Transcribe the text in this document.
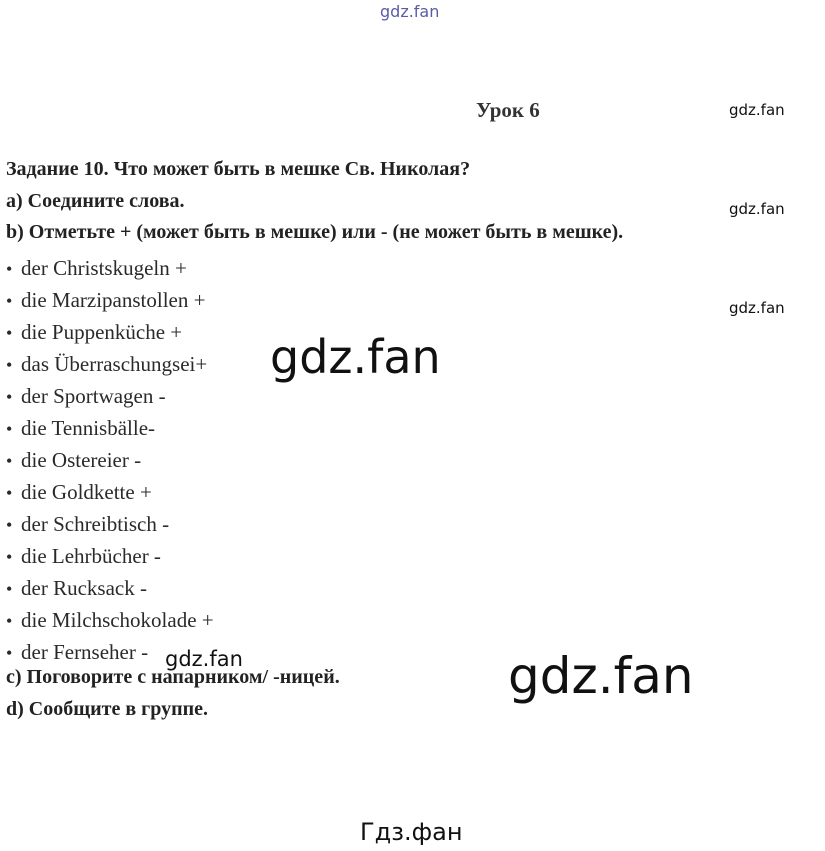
gdz.fan
gdz.fan
gdz.fan
gdz.fan
Урок 6
Задание 10. Что может быть в мешке Св. Николая?
а) Соедините слова.
b) Отметьте + (может быть в мешке) или - (не может быть в мешке).
• der Christskugeln +
• die Marzipanstollen +
• die Puppenküche +
• das Überraschungsei+
• der Sportwagen -
• die Tennisbälle-
• die Ostereier -
• die Goldkette +
• der Schreibtisch -
• die Lehrbücher -
• der Rucksack -
• die Milchschokolade +
• der Fernseher -
c) Поговорите с напарником/ -ницей.
d) Сообщите в группе.
gdz.fan
gdz.fan	gdz.fan
Гдз.фан
